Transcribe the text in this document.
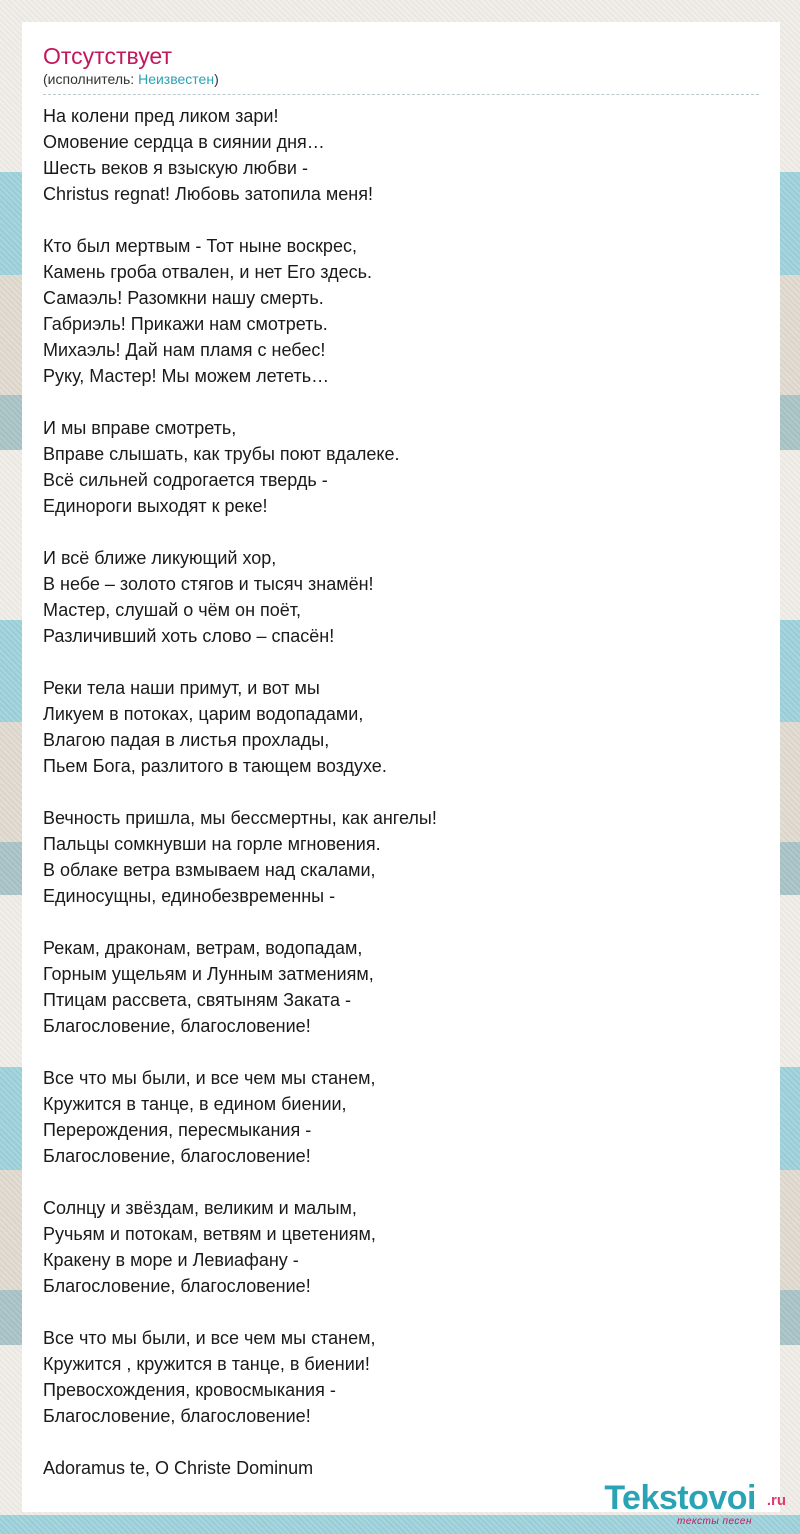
Отсутствует
(исполнитель: Неизвестен)
На колени пред ликом зари!
Омовение сердца в сиянии дня…
Шесть веков я взыскую любви -
Christus regnat! Любовь затопила меня!
Кто был мертвым - Тот ныне воскрес,
Камень гроба отвален, и нет Его здесь.
Самаэль! Разомкни нашу смерть.
Габриэль! Прикажи нам смотреть.
Михаэль! Дай нам пламя с небес!
Руку, Мастер! Мы можем лететь…
И мы вправе смотреть,
Вправе слышать, как трубы поют вдалеке.
Всё сильней содрогается твердь -
Единороги выходят к реке!
И всё ближе ликующий хор,
В небе – золото стягов и тысяч знамён!
Мастер, слушай о чём он поёт,
Различивший хоть слово – спасён!
Реки тела наши примут, и вот мы
Ликуем в потоках, царим водопадами,
Влагою падая в листья прохлады,
Пьем Бога, разлитого в тающем воздухе.
Вечность пришла, мы бессмертны, как ангелы!
Пальцы сомкнувши на горле мгновения.
В облаке ветра взмываем над скалами,
Единосущны, единобезвременны -
Рекам, драконам, ветрам, водопадам,
Горным ущельям и Лунным затмениям,
Птицам рассвета, святыням Заката -
Благословение, благословение!
Все что мы были, и все чем мы станем,
Кружится в танце, в едином биении,
Перерождения, пересмыкания -
Благословение, благословение!
Солнцу и звёздам, великим и малым,
Ручьям и потокам, ветвям и цветениям,
Кракену в море и Левиафану -
Благословение, благословение!
Все что мы были, и все чем мы станем,
Кружится , кружится в танце, в биении!
Превосхождения, кровосмыкания -
Благословение, благословение!
Adoramus te, O Christe Dominum
Tekstovoi .ru
тексты песен
